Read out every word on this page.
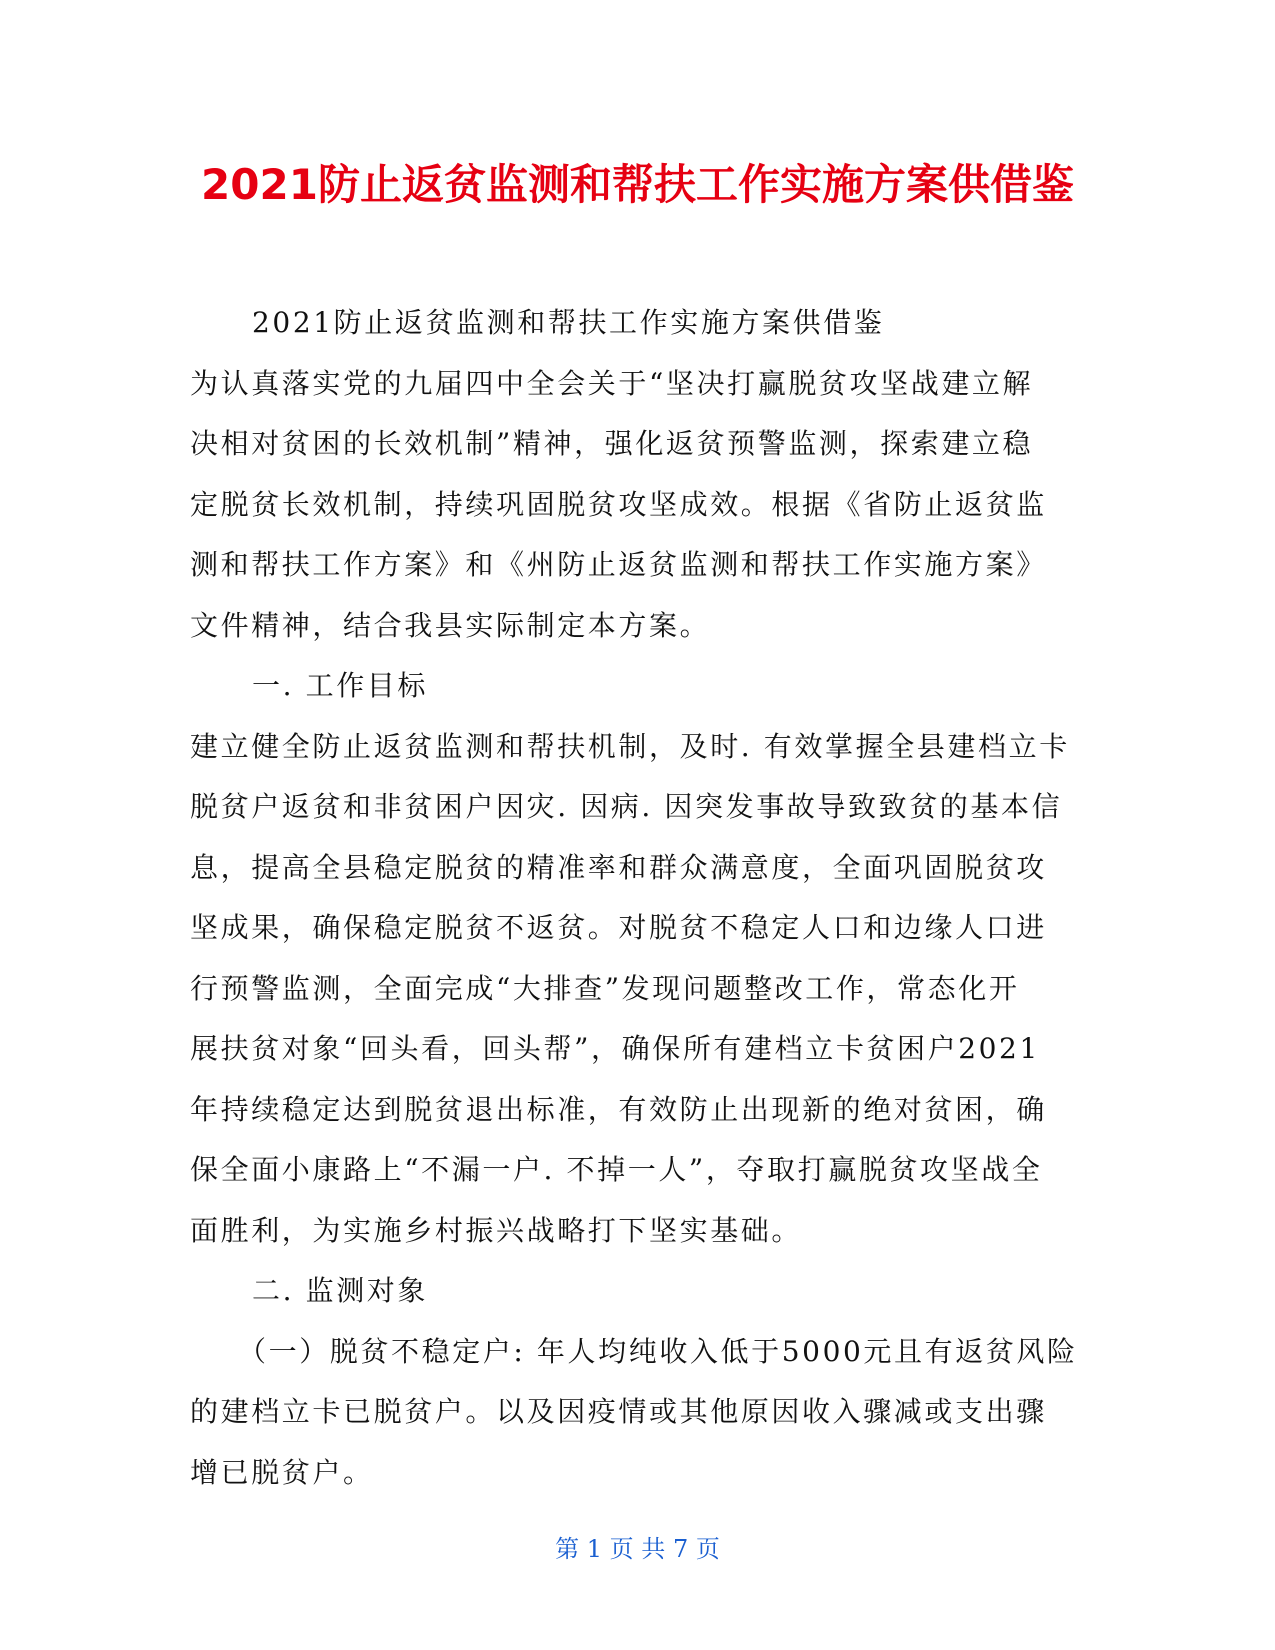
2021防止返贫监测和帮扶工作实施方案供借鉴
2021防止返贫监测和帮扶工作实施方案供借鉴
为认真落实党的九届四中全会关于“坚决打赢脱贫攻坚战建立解
决相对贫困的长效机制”精神，强化返贫预警监测，探索建立稳
定脱贫长效机制，持续巩固脱贫攻坚成效。根据《省防止返贫监
测和帮扶工作方案》和《州防止返贫监测和帮扶工作实施方案》
文件精神，结合我县实际制定本方案。
一. 工作目标
建立健全防止返贫监测和帮扶机制，及时. 有效掌握全县建档立卡
脱贫户返贫和非贫困户因灾. 因病. 因突发事故导致致贫的基本信
息，提高全县稳定脱贫的精准率和群众满意度，全面巩固脱贫攻
坚成果，确保稳定脱贫不返贫。对脱贫不稳定人口和边缘人口进
行预警监测，全面完成“大排查”发现问题整改工作，常态化开
展扶贫对象“回头看，回头帮”，确保所有建档立卡贫困户2021
年持续稳定达到脱贫退出标准，有效防止出现新的绝对贫困，确
保全面小康路上“不漏一户. 不掉一人”，夺取打赢脱贫攻坚战全
面胜利，为实施乡村振兴战略打下坚实基础。
二. 监测对象
（一）脱贫不稳定户: 年人均纯收入低于5000元且有返贫风险
的建档立卡已脱贫户。以及因疫情或其他原因收入骤减或支出骤
增已脱贫户。
第 1 页 共 7 页
